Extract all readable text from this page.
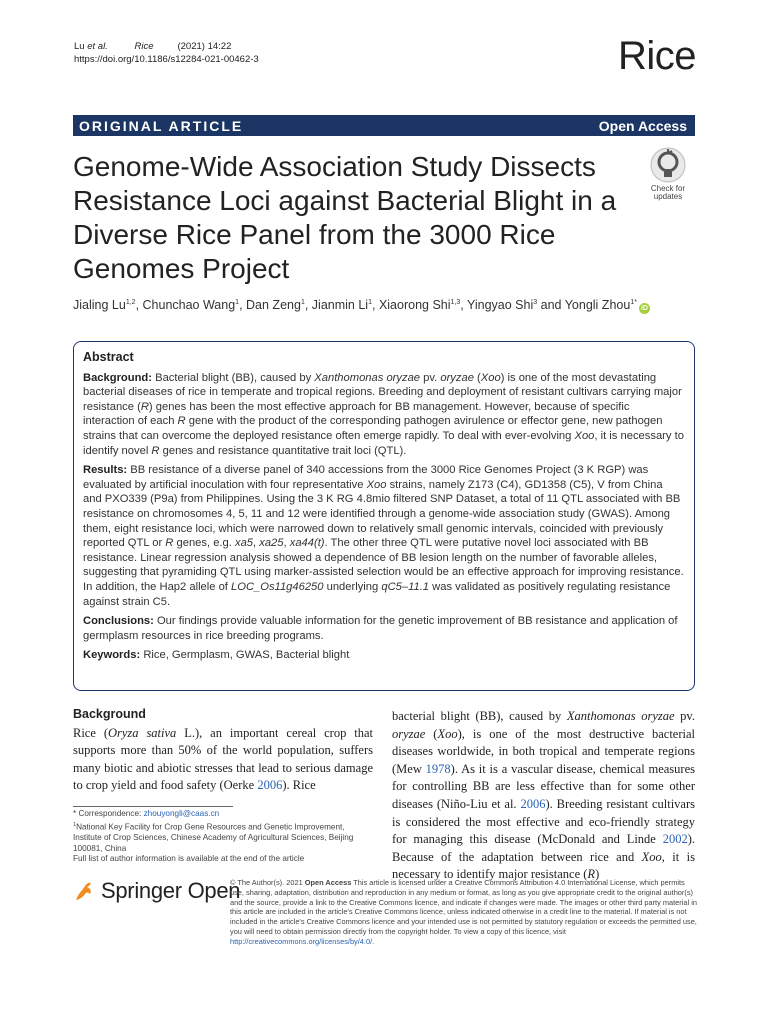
Lu et al.	Rice	(2021) 14:22
https://doi.org/10.1186/s12284-021-00462-3	Rice
ORIGINAL ARTICLE	Open Access
Genome-Wide Association Study Dissects Resistance Loci against Bacterial Blight in a Diverse Rice Panel from the 3000 Rice Genomes Project
Check for
updates
Jialing Lu$^{1,2}$, Chunchao Wang$^1$, Dan Zeng$^1$, Jianmin Li$^1$, Xiaorong Shi$^{1,3}$, Yingyao Shi$^3$ and Yongli Zhou$^{1*}$iD
Abstract

Background: Bacterial blight (BB), caused by Xanthomonas oryzae pv. oryzae (Xoo) is one of the most devastating bacterial diseases of rice in temperate and tropical regions. Breeding and deployment of resistant cultivars carrying major resistance (R) genes has been the most effective approach for BB management. However, because of specific interaction of each R gene with the product of the corresponding pathogen avirulence or effector gene, new pathogen strains that can overcome the deployed resistance often emerge rapidly. To deal with ever-evolving Xoo, it is necessary to identify novel R genes and resistance quantitative trait loci (QTL).

Results: BB resistance of a diverse panel of 340 accessions from the 3000 Rice Genomes Project (3 K RGP) was evaluated by artificial inoculation with four representative Xoo strains, namely Z173 (C4), GD1358 (C5), V from China and PXO339 (P9a) from Philippines. Using the 3 K RG 4.8mio filtered SNP Dataset, a total of 11 QTL associated with BB resistance on chromosomes 4, 5, 11 and 12 were identified through a genome-wide association study (GWAS). Among them, eight resistance loci, which were narrowed down to relatively small genomic intervals, coincided with previously reported QTL or R genes, e.g. xa5, xa25, xa44(t). The other three QTL were putative novel loci associated with BB resistance. Linear regression analysis showed a dependence of BB lesion length on the number of favorable alleles, suggesting that pyramiding QTL using marker-assisted selection would be an effective approach for improving resistance. In addition, the Hap2 allele of LOC_Os11g46250 underlying qC5–11.1 was validated as positively regulating resistance against strain C5.

Conclusions: Our findings provide valuable information for the genetic improvement of BB resistance and application of germplasm resources in rice breeding programs.

Keywords: Rice, Germplasm, GWAS, Bacterial blight

Background
Rice (Oryza sativa L.), an important cereal crop that supports more than 50% of the world population, suffers many biotic and abiotic stresses that lead to serious damage to crop yield and food safety (Oerke 2006). Rice
bacterial blight (BB), caused by Xanthomonas oryzae pv. oryzae (Xoo), is one of the most destructive bacterial diseases worldwide, in both tropical and temperate regions (Mew 1978). As it is a vascular disease, chemical measures for controlling BB are less effective than for some other diseases (Niño-Liu et al. 2006). Breeding resistant cultivars is considered the most effective and eco-friendly strategy for managing this disease (McDonald and Linde 2002). Because of the adaptation between rice and Xoo, it is necessary to identify major resistance (R)
* Correspondence: zhouyongli@caas.cn
$^1$National Key Facility for Crop Gene Resources and Genetic Improvement, Institute of Crop Sciences, Chinese Academy of Agricultural Sciences, Beijing 100081, China
Full list of author information is available at the end of the article
Springer Open
© The Author(s). 2021 Open Access This article is licensed under a Creative Commons Attribution 4.0 International License, which permits use, sharing, adaptation, distribution and reproduction in any medium or format, as long as you give appropriate credit to the original author(s) and the source, provide a link to the Creative Commons licence, and indicate if changes were made. The images or other third party material in this article are included in the article's Creative Commons licence, unless indicated otherwise in a credit line to the material. If material is not included in the article's Creative Commons licence and your intended use is not permitted by statutory regulation or exceeds the permitted use, you will need to obtain permission directly from the copyright holder. To view a copy of this licence, visit http://creativecommons.org/licenses/by/4.0/.
